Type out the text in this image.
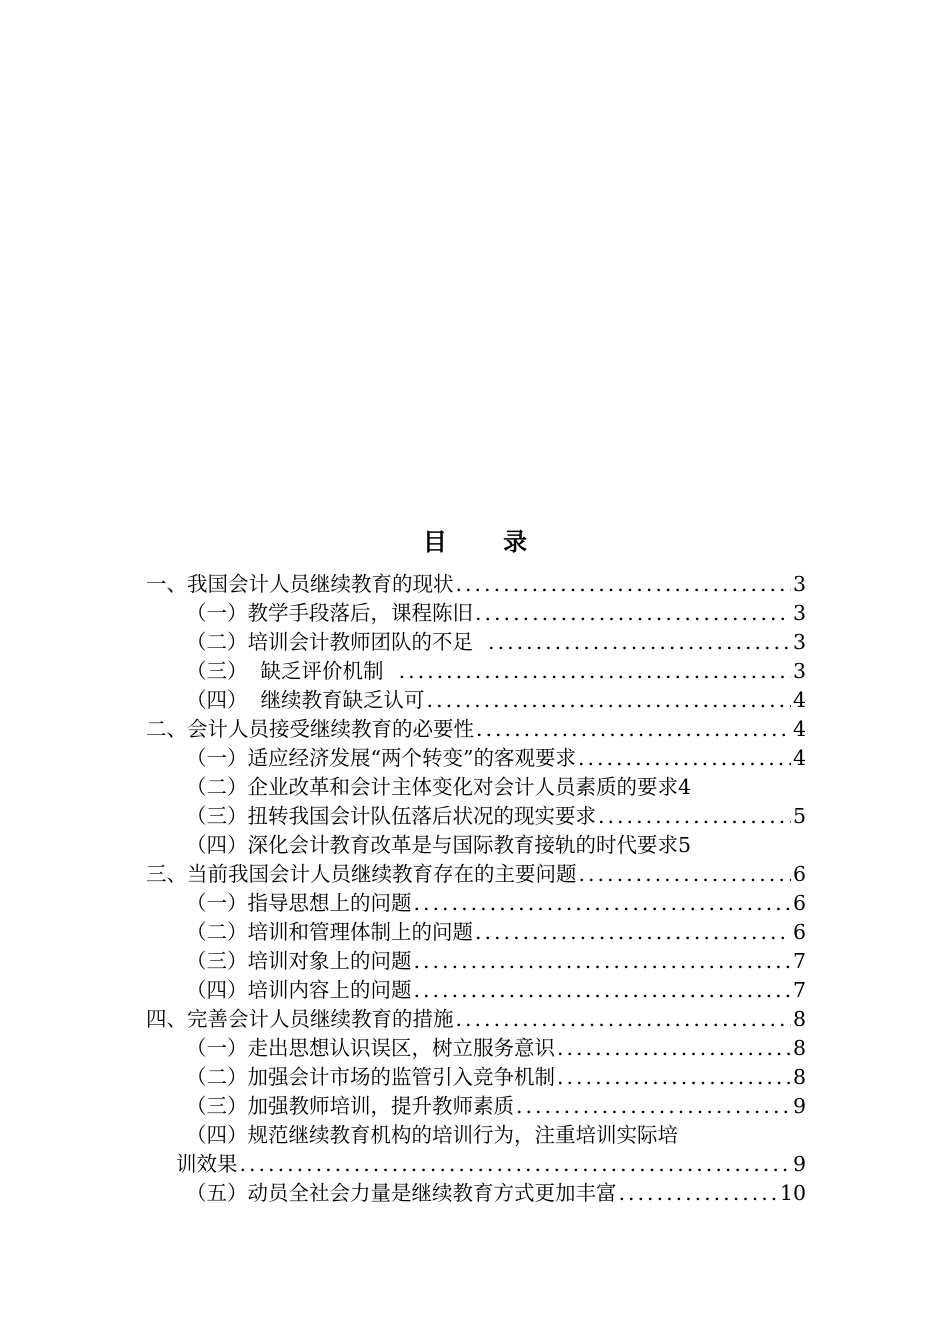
目 录
一、我国会计人员继续教育的现状 .....	3
（一）教学手段落后，课程陈旧 .....	3
（二）培训会计教师团队的不足 .....	3
（三）  缺乏评价机制 .....	3
（四）  继续教育缺乏认可 .....	4
二、会计人员接受继续教育的必要性 .....	4
（一）适应经济发展“两个转变”的客观要求 .....	4
（二）企业改革和会计主体变化对会计人员素质的要求 4
（三）扭转我国会计队伍落后状况的现实要求 .....	5
（四）深化会计教育改革是与国际教育接轨的时代要求 5
三、当前我国会计人员继续教育存在的主要问题 .....	6
（一）指导思想上的问题 .....	6
（二）培训和管理体制上的问题 .....	6
（三）培训对象上的问题 .....	7
（四）培训内容上的问题 .....	7
四、完善会计人员继续教育的措施 .....	8
（一）走出思想认识误区，树立服务意识 .....	8
（二）加强会计市场的监管引入竞争机制 .....	8
（三）加强教师培训，提升教师素质 .....	9
（四）规范继续教育机构的培训行为，注重培训实际培
训效果 .....	9
（五）动员全社会力量是继续教育方式更加丰富 .....	10
